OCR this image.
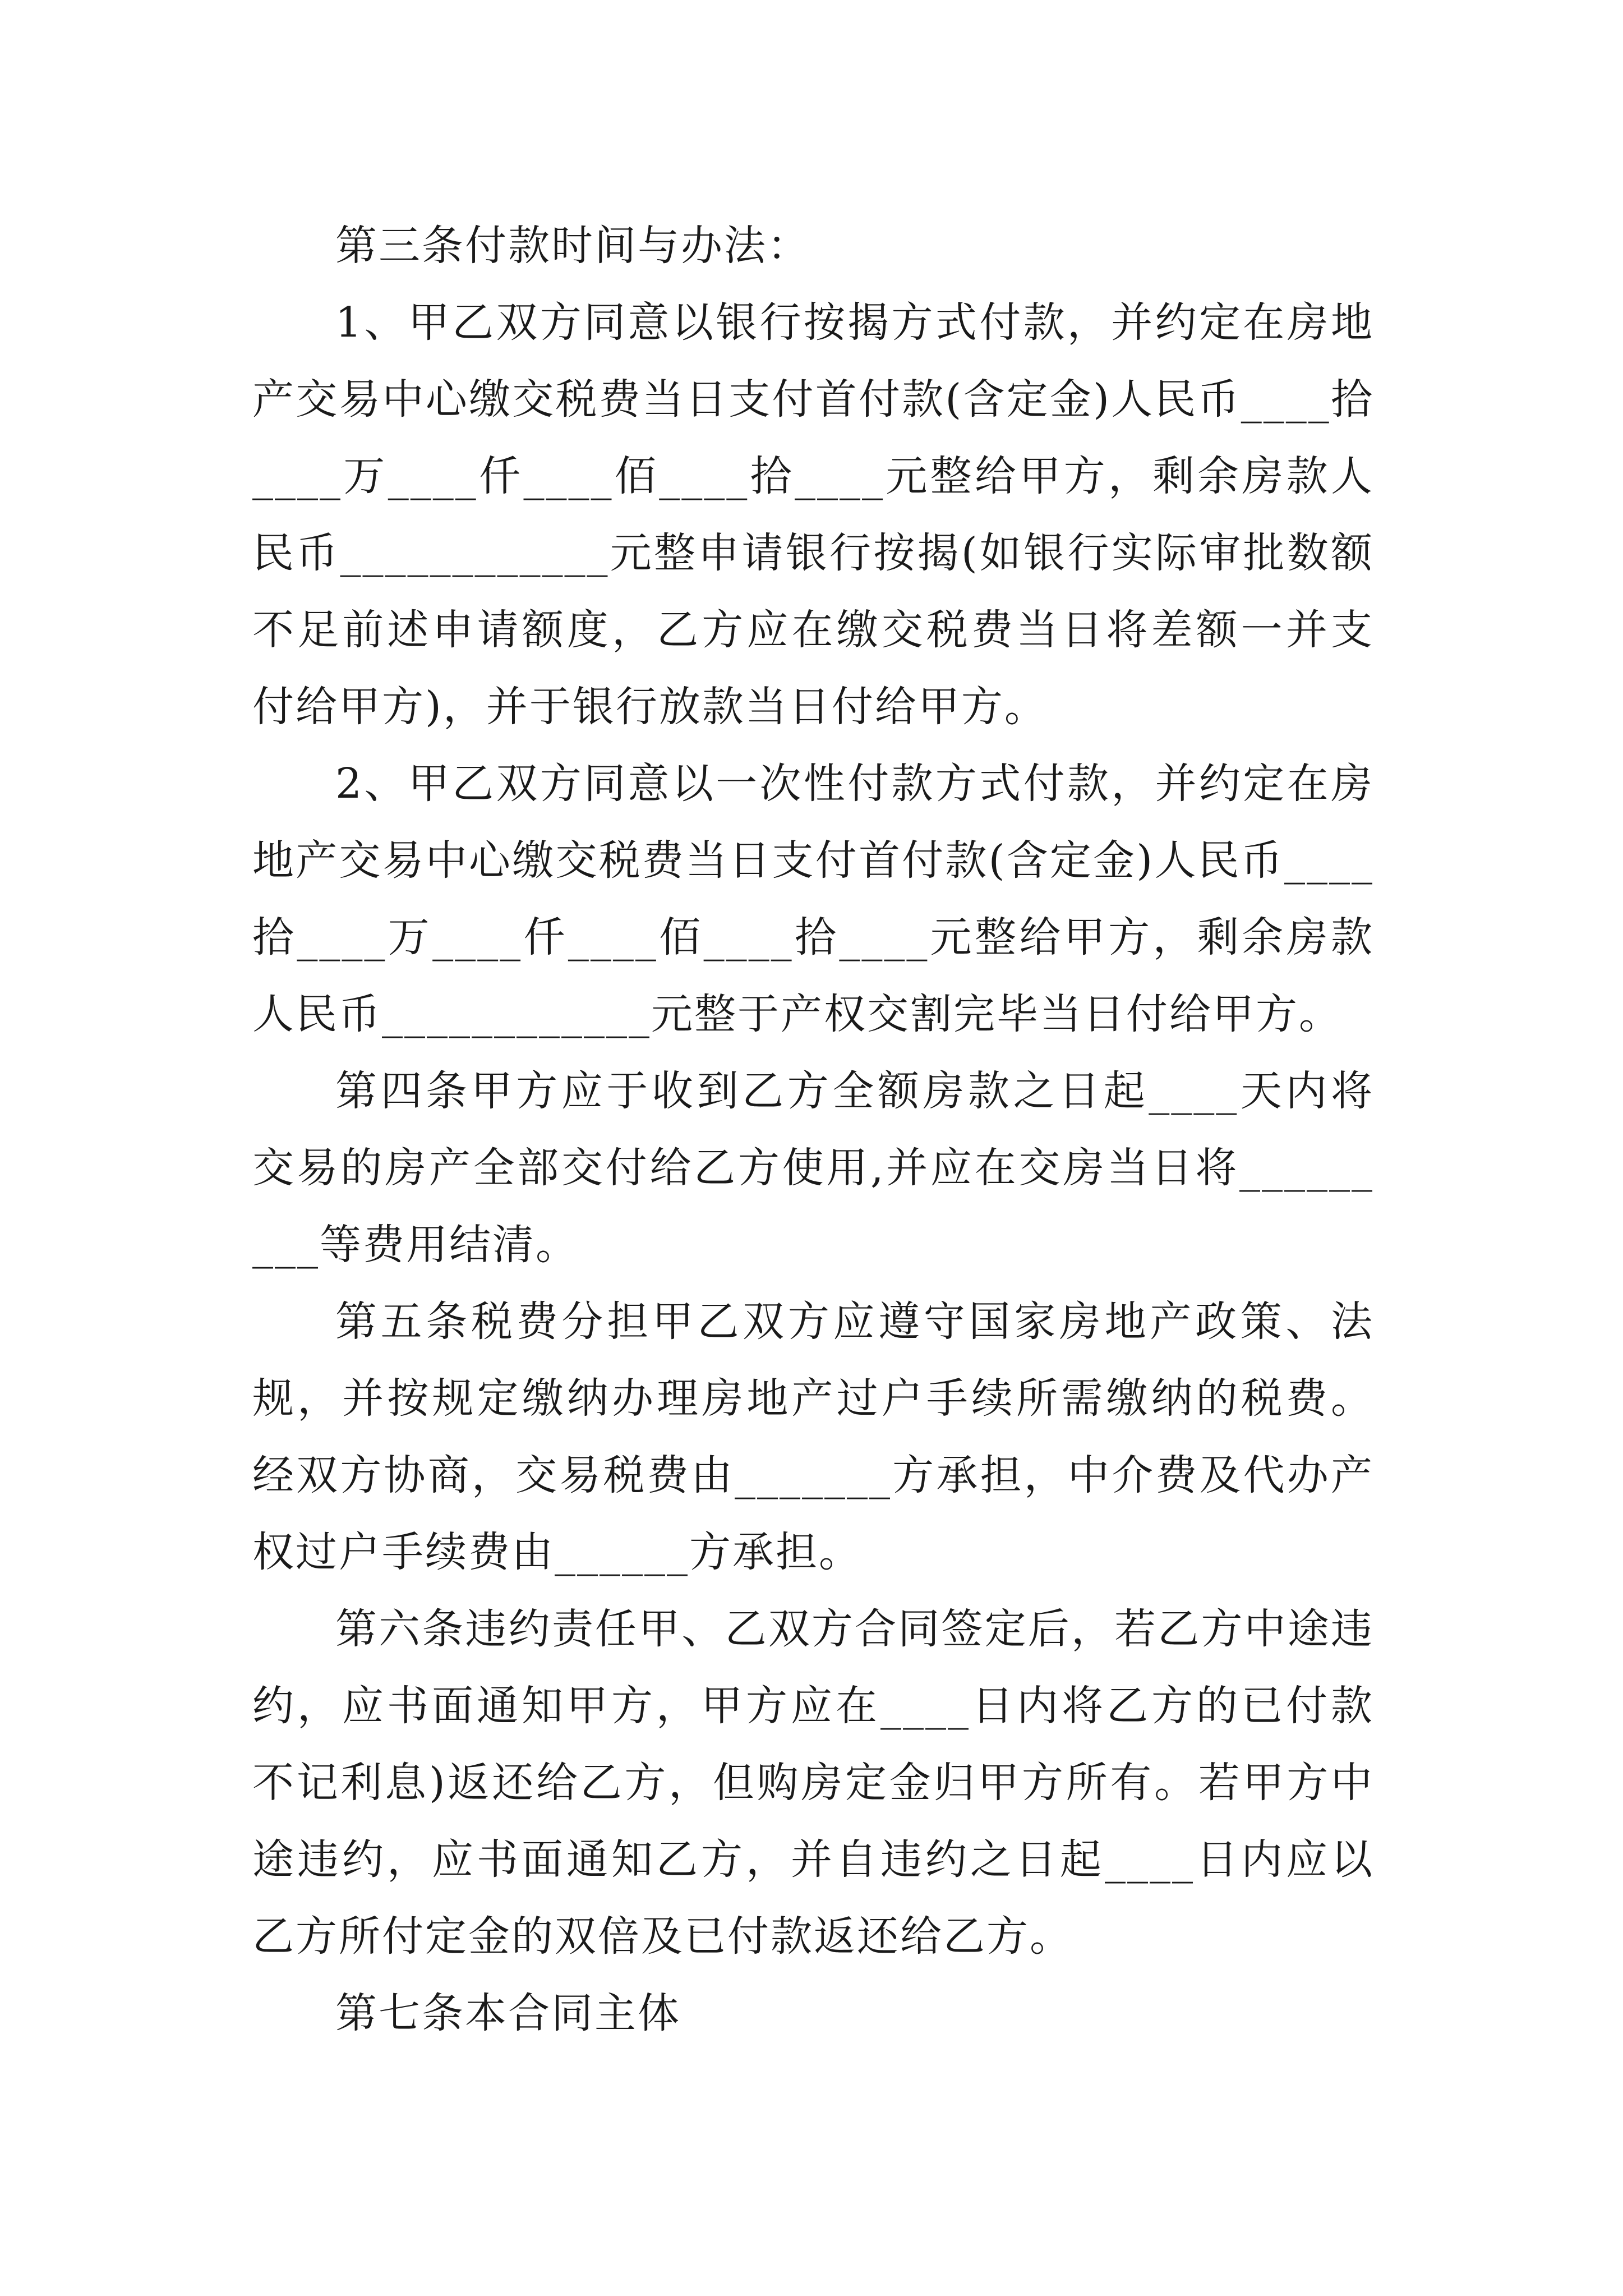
第三条付款时间与办法：

1、甲乙双方同意以银行按揭方式付款，并约定在房地产交易中心缴交税费当日支付首付款(含定金)人民币____拾____万____仟____佰____拾____元整给甲方，剩余房款人民币____________元整申请银行按揭(如银行实际审批数额不足前述申请额度，乙方应在缴交税费当日将差额一并支付给甲方)，并于银行放款当日付给甲方。

2、甲乙双方同意以一次性付款方式付款，并约定在房地产交易中心缴交税费当日支付首付款(含定金)人民币____拾____万____仟____佰____拾____元整给甲方，剩余房款人民币____________元整于产权交割完毕当日付给甲方。

第四条甲方应于收到乙方全额房款之日起____天内将交易的房产全部交付给乙方使用,并应在交房当日将_________等费用结清。

第五条税费分担甲乙双方应遵守国家房地产政策、法规，并按规定缴纳办理房地产过户手续所需缴纳的税费。经双方协商，交易税费由_______方承担，中介费及代办产权过户手续费由______方承担。

第六条违约责任甲、乙双方合同签定后，若乙方中途违约，应书面通知甲方，甲方应在____日内将乙方的已付款不记利息)返还给乙方，但购房定金归甲方所有。若甲方中途违约，应书面通知乙方，并自违约之日起____日内应以乙方所付定金的双倍及已付款返还给乙方。

第七条本合同主体
